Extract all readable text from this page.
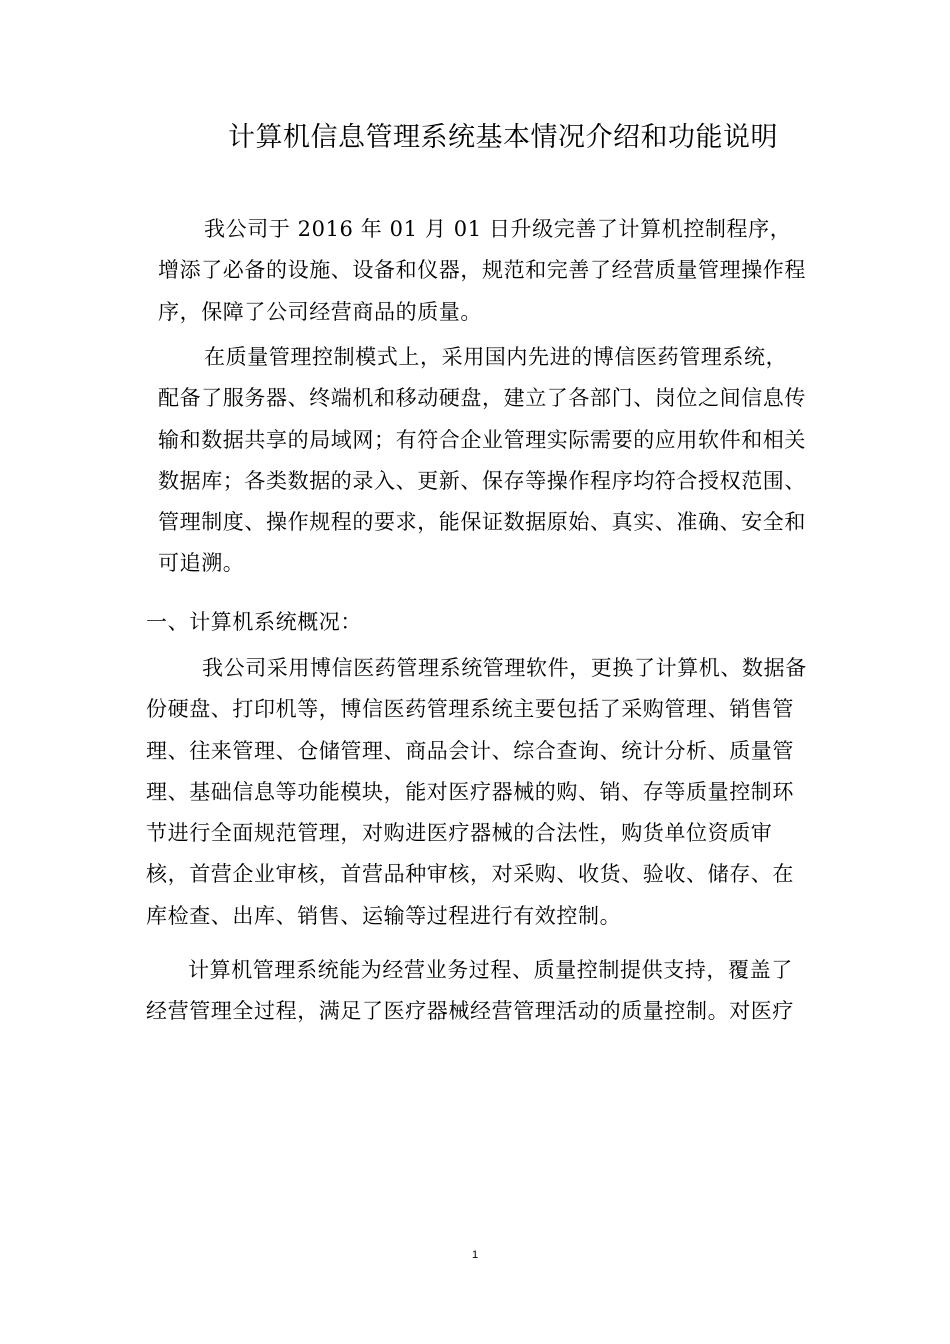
计算机信息管理系统基本情况介绍和功能说明

我公司于 2016 年 01 月 01 日升级完善了计算机控制程序，增添了必备的设施、设备和仪器，规范和完善了经营质量管理操作程序，保障了公司经营商品的质量。

在质量管理控制模式上，采用国内先进的博信医药管理系统，配备了服务器、终端机和移动硬盘，建立了各部门、岗位之间信息传输和数据共享的局域网；有符合企业管理实际需要的应用软件和相关数据库；各类数据的录入、更新、保存等操作程序均符合授权范围、管理制度、操作规程的要求，能保证数据原始、真实、准确、安全和可追溯。

一、计算机系统概况：

我公司采用博信医药管理系统管理软件，更换了计算机、数据备份硬盘、打印机等，博信医药管理系统主要包括了采购管理、销售管理、往来管理、仓储管理、商品会计、综合查询、统计分析、质量管理、基础信息等功能模块，能对医疗器械的购、销、存等质量控制环节进行全面规范管理，对购进医疗器械的合法性，购货单位资质审核，首营企业审核，首营品种审核，对采购、收货、验收、储存、在库检查、出库、销售、运输等过程进行有效控制。

计算机管理系统能为经营业务过程、质量控制提供支持，覆盖了经营管理全过程，满足了医疗器械经营管理活动的质量控制。对医疗

1
